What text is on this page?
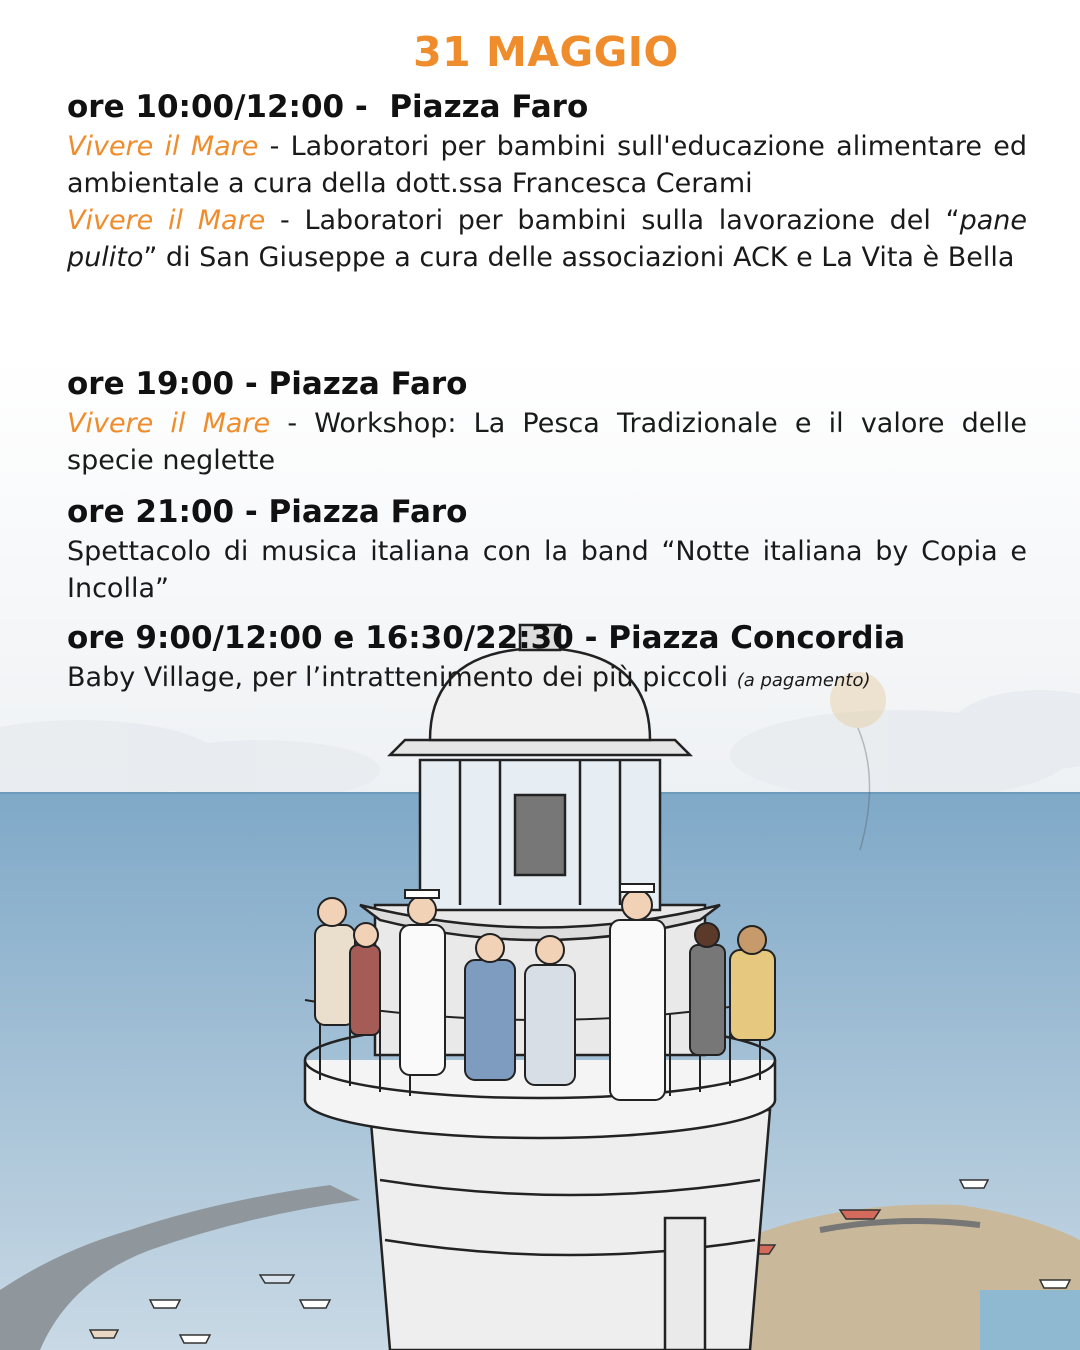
31 MAGGIO
ore 10:00/12:00 -  Piazza Faro

Vivere il Mare - Laboratori per bambini sull'educazione alimentare ed ambientale a cura della dott.ssa Francesca Cerami

Vivere il Mare - Laboratori per bambini sulla lavorazione del “pane pulito” di San Giuseppe a cura delle associazioni ACK e La Vita è Bella

ore 19:00 - Piazza Faro

Vivere il Mare - Workshop: La Pesca Tradizionale e il valore delle specie neglette

ore 21:00 - Piazza Faro

Spettacolo di musica italiana con la band “Notte italiana by Copia e Incolla”

ore 9:00/12:00 e 16:30/22:30 - Piazza Concordia

Baby Village, per l’intrattenimento dei più piccoli (a pagamento)
